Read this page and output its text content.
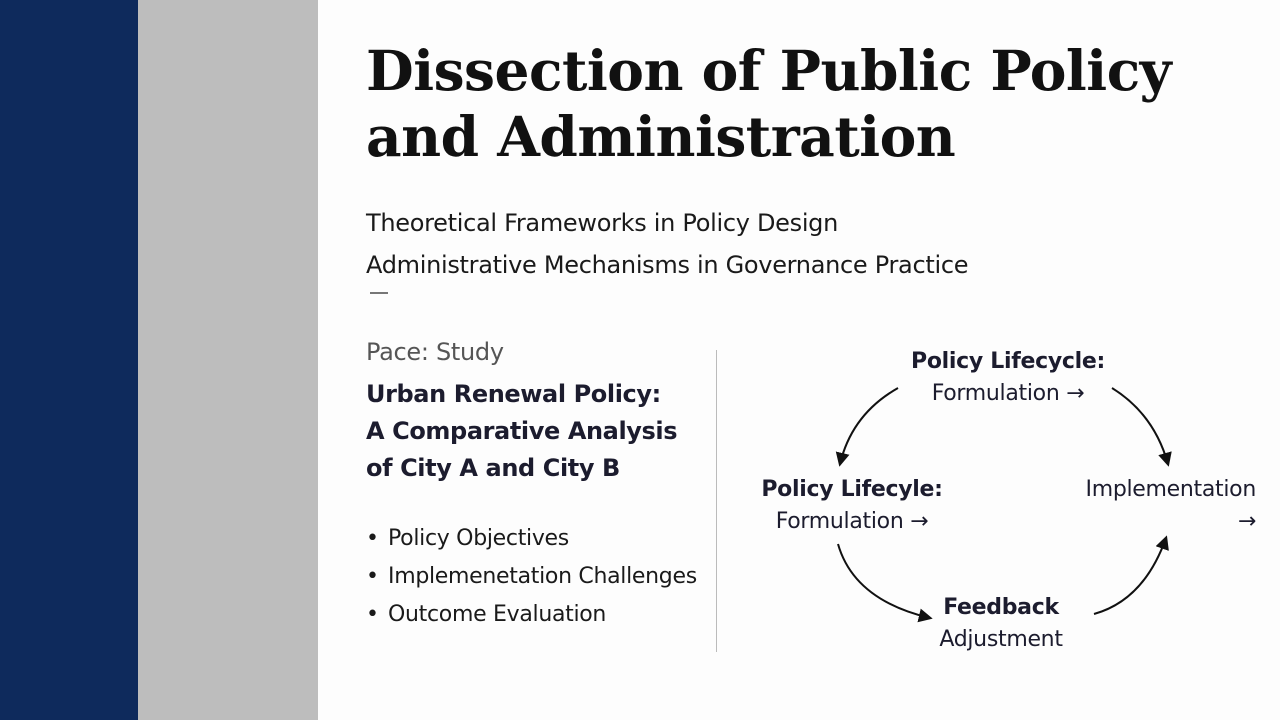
Dissection of Public Policy
and Administration
Theoretical Frameworks in Policy Design
Administrative Mechanisms in Governance Practice
Pace: Study
Urban Renewal Policy:
A Comparative Analysis
of City A and City B
• Policy Objectives
• Implemenetation Challenges
• Outcome Evaluation
Policy Lifecycle:
Formulation →
Policy Lifecyle:
Formulation →
Implementation
→
Feedback
Adjustment
